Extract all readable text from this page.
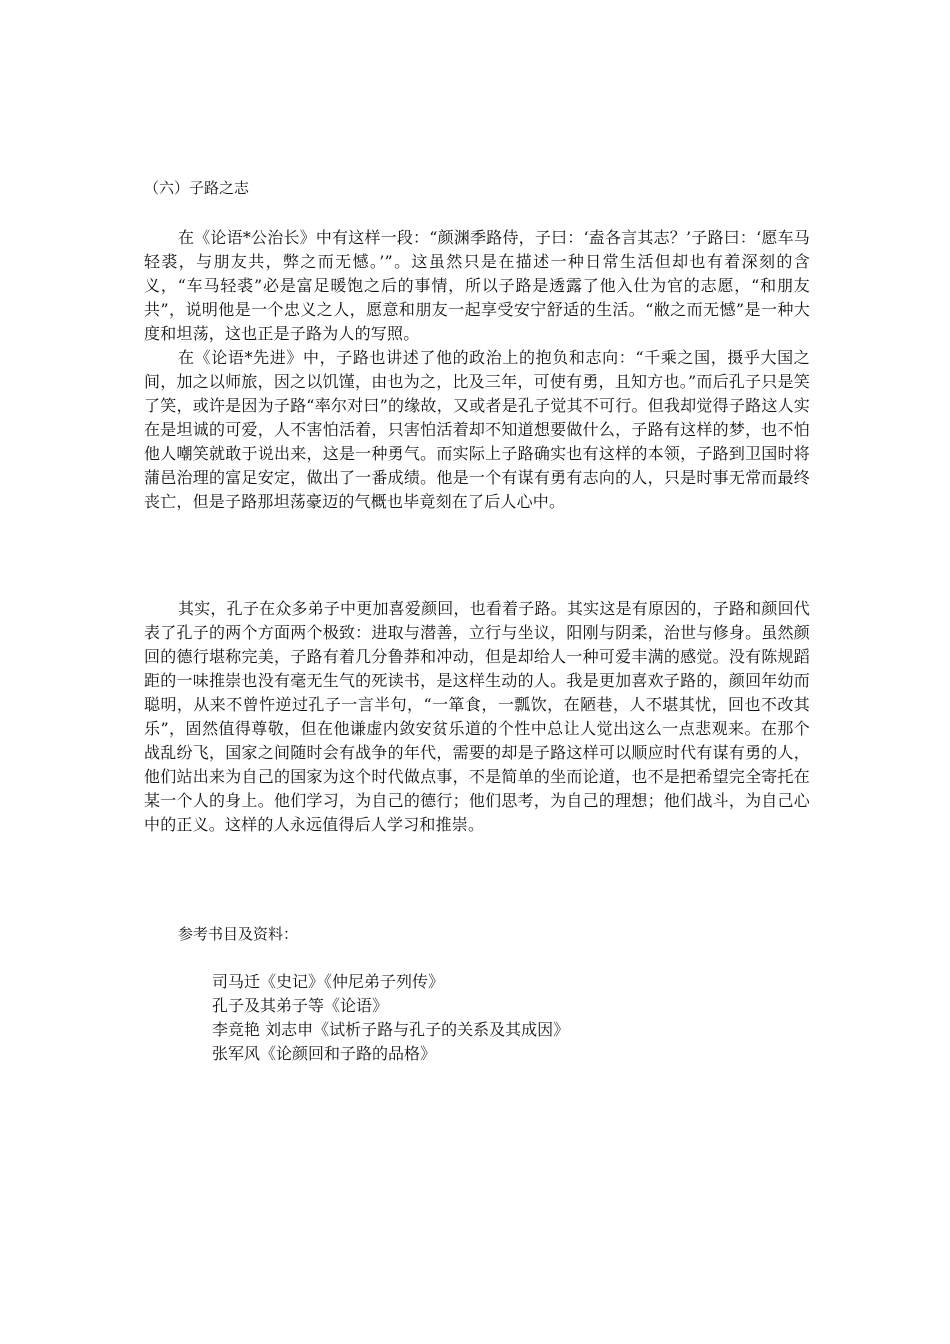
（六）子路之志

在《论语*公治长》中有这样一段：“颜渊季路侍，子曰：‘盍各言其志？’子路曰：‘愿车马轻裘，与朋友共，弊之而无憾。’”。这虽然只是在描述一种日常生活但却也有着深刻的含义，“车马轻裘”必是富足暖饱之后的事情，所以子路是透露了他入仕为官的志愿，“和朋友共”，说明他是一个忠义之人，愿意和朋友一起享受安宁舒适的生活。“敝之而无憾”是一种大度和坦荡，这也正是子路为人的写照。

在《论语*先进》中，子路也讲述了他的政治上的抱负和志向：“千乘之国，摄乎大国之间，加之以师旅，因之以饥馑，由也为之，比及三年，可使有勇，且知方也。”而后孔子只是笑了笑，或许是因为子路“率尔对曰”的缘故，又或者是孔子觉其不可行。但我却觉得子路这人实在是坦诚的可爱，人不害怕活着，只害怕活着却不知道想要做什么，子路有这样的梦，也不怕他人嘲笑就敢于说出来，这是一种勇气。而实际上子路确实也有这样的本领，子路到卫国时将蒲邑治理的富足安定，做出了一番成绩。他是一个有谋有勇有志向的人，只是时事无常而最终丧亡，但是子路那坦荡豪迈的气概也毕竟刻在了后人心中。

其实，孔子在众多弟子中更加喜爱颜回，也看着子路。其实这是有原因的，子路和颜回代表了孔子的两个方面两个极致：进取与潜善，立行与坐议，阳刚与阴柔，治世与修身。虽然颜回的德行堪称完美，子路有着几分鲁莽和冲动，但是却给人一种可爱丰满的感觉。没有陈规蹈距的一味推崇也没有毫无生气的死读书，是这样生动的人。我是更加喜欢子路的，颜回年幼而聪明，从来不曾忤逆过孔子一言半句，“一箪食，一瓢饮，在陋巷，人不堪其忧，回也不改其乐”，固然值得尊敬，但在他谦虚内敛安贫乐道的个性中总让人觉出这么一点悲观来。在那个战乱纷飞，国家之间随时会有战争的年代，需要的却是子路这样可以顺应时代有谋有勇的人，他们站出来为自己的国家为这个时代做点事，不是简单的坐而论道，也不是把希望完全寄托在某一个人的身上。他们学习，为自己的德行；他们思考，为自己的理想；他们战斗，为自己心中的正义。这样的人永远值得后人学习和推崇。

参考书目及资料：
司马迁《史记》《仲尼弟子列传》
孔子及其弟子等《论语》
李竞艳 刘志申《试析子路与孔子的关系及其成因》
张军风《论颜回和子路的品格》
